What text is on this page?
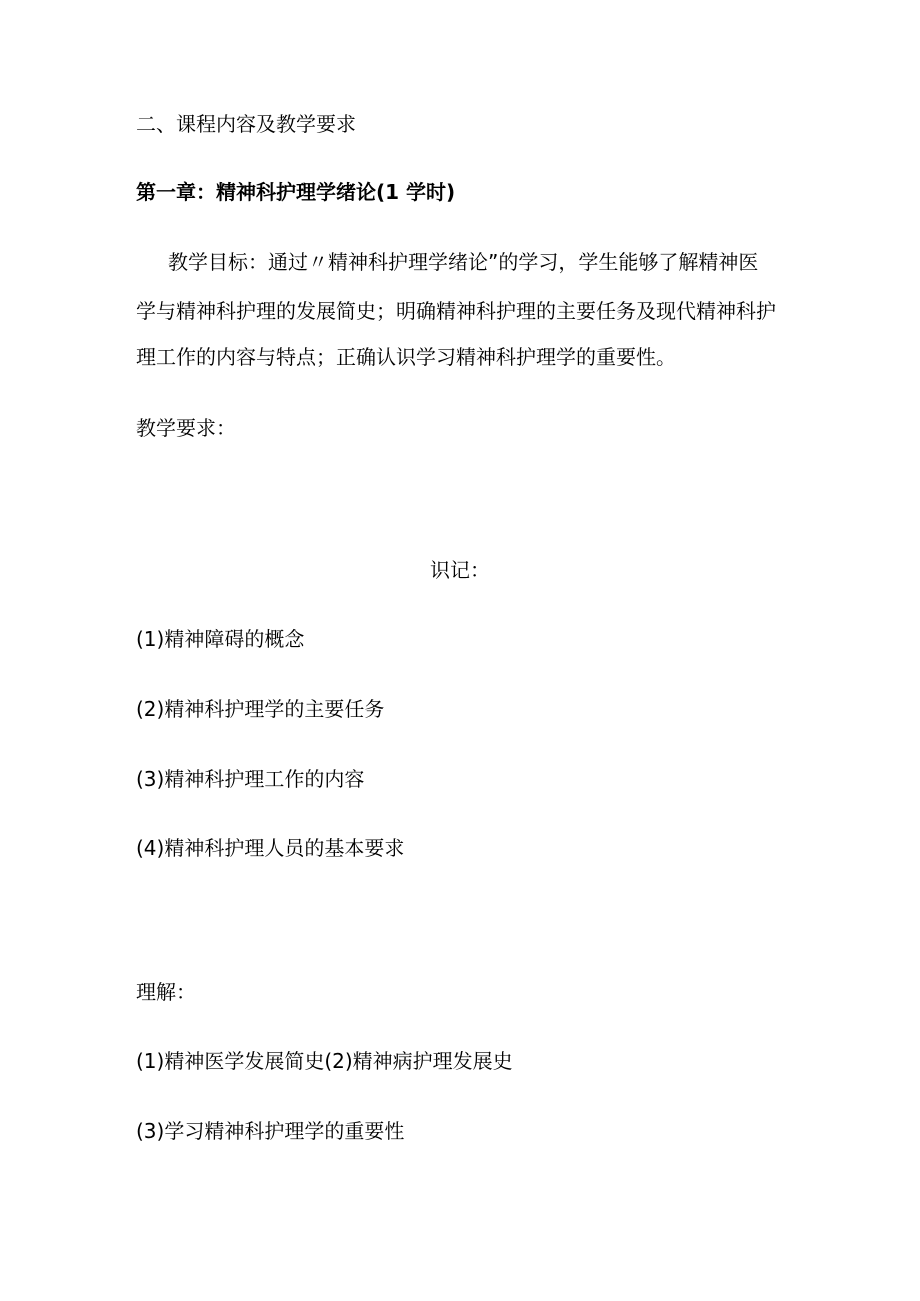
二、课程内容及教学要求
第一章：精神科护理学绪论(1 学时)
教学目标：通过〃精神科护理学绪论”的学习，学生能够了解精神医
学与精神科护理的发展简史；明确精神科护理的主要任务及现代精神科护
理工作的内容与特点；正确认识学习精神科护理学的重要性。
教学要求：
识记：
(1)精神障碍的概念
(2)精神科护理学的主要任务
(3)精神科护理工作的内容
(4)精神科护理人员的基本要求
理解：
(1)精神医学发展简史(2)精神病护理发展史
(3)学习精神科护理学的重要性
